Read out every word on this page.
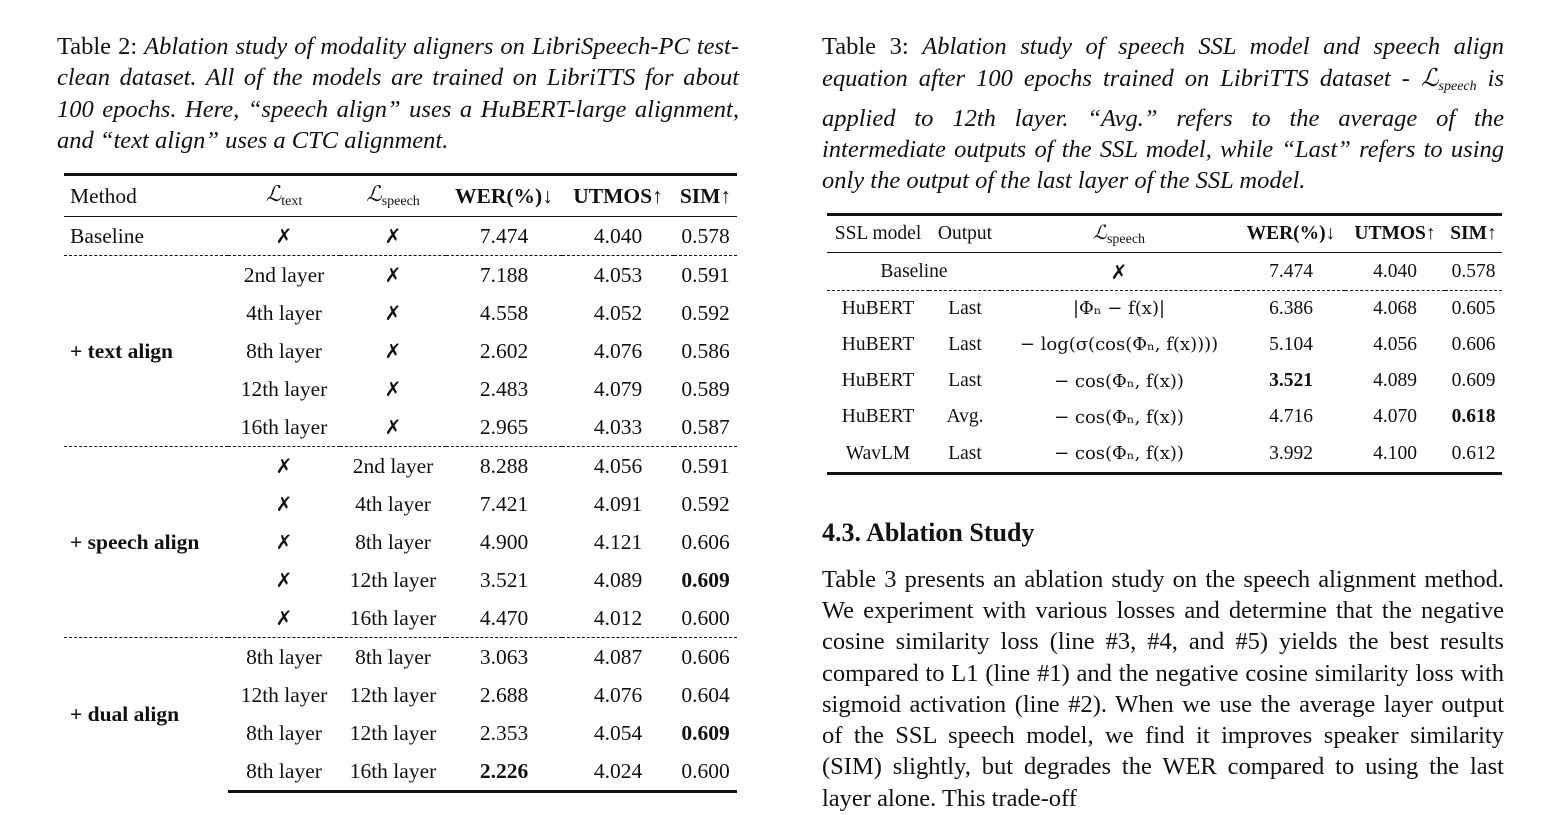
Table 2: Ablation study of modality aligners on LibriSpeech-PC test-clean dataset. All of the models are trained on LibriTTS for about 100 epochs. Here, “speech align” uses a HuBERT-large alignment, and “text align” uses a CTC alignment.

Method	ℒ$_{text}$	ℒ$_{speech}$	WER(%)↓	UTMOS↑	SIM↑
Baseline	✗	✗	7.474	4.040	0.578
+ text align	2nd layer	✗	7.188	4.053	0.591
	4th layer	✗	4.558	4.052	0.592
	8th layer	✗	2.602	4.076	0.586
	12th layer	✗	2.483	4.079	0.589
	16th layer	✗	2.965	4.033	0.587
+ speech align	✗	2nd layer	8.288	4.056	0.591
	✗	4th layer	7.421	4.091	0.592
	✗	8th layer	4.900	4.121	0.606
	✗	12th layer	3.521	4.089	0.609
	✗	16th layer	4.470	4.012	0.600
+ dual align	8th layer	8th layer	3.063	4.087	0.606
	12th layer	12th layer	2.688	4.076	0.604
	8th layer	12th layer	2.353	4.054	0.609
	8th layer	16th layer	2.226	4.024	0.600

Table 3: Ablation study of speech SSL model and speech align equation after 100 epochs trained on LibriTTS dataset - ℒ$_{speech}$ is applied to 12th layer. “Avg.” refers to the average of the intermediate outputs of the SSL model, while “Last” refers to using only the output of the last layer of the SSL model.

SSL model	Output	ℒ$_{speech}$	WER(%)↓	UTMOS↑	SIM↑
Baseline		✗	7.474	4.040	0.578
HuBERT	Last	|Φₙ − f(x)|	6.386	4.068	0.605
HuBERT	Last	− log(σ(cos(Φₙ, f(x))))	5.104	4.056	0.606
HuBERT	Last	− cos(Φₙ, f(x))	3.521	4.089	0.609
HuBERT	Avg.	− cos(Φₙ, f(x))	4.716	4.070	0.618
WavLM	Last	− cos(Φₙ, f(x))	3.992	4.100	0.612
4.3. Ablation Study

Table 3 presents an ablation study on the speech alignment method. We experiment with various losses and determine that the negative cosine similarity loss (line #3, #4, and #5) yields the best results compared to L1 (line #1) and the negative cosine similarity loss with sigmoid activation (line #2). When we use the average layer output of the SSL speech model, we find it improves speaker similarity (SIM) slightly, but degrades the WER compared to using the last layer alone. This trade-off
